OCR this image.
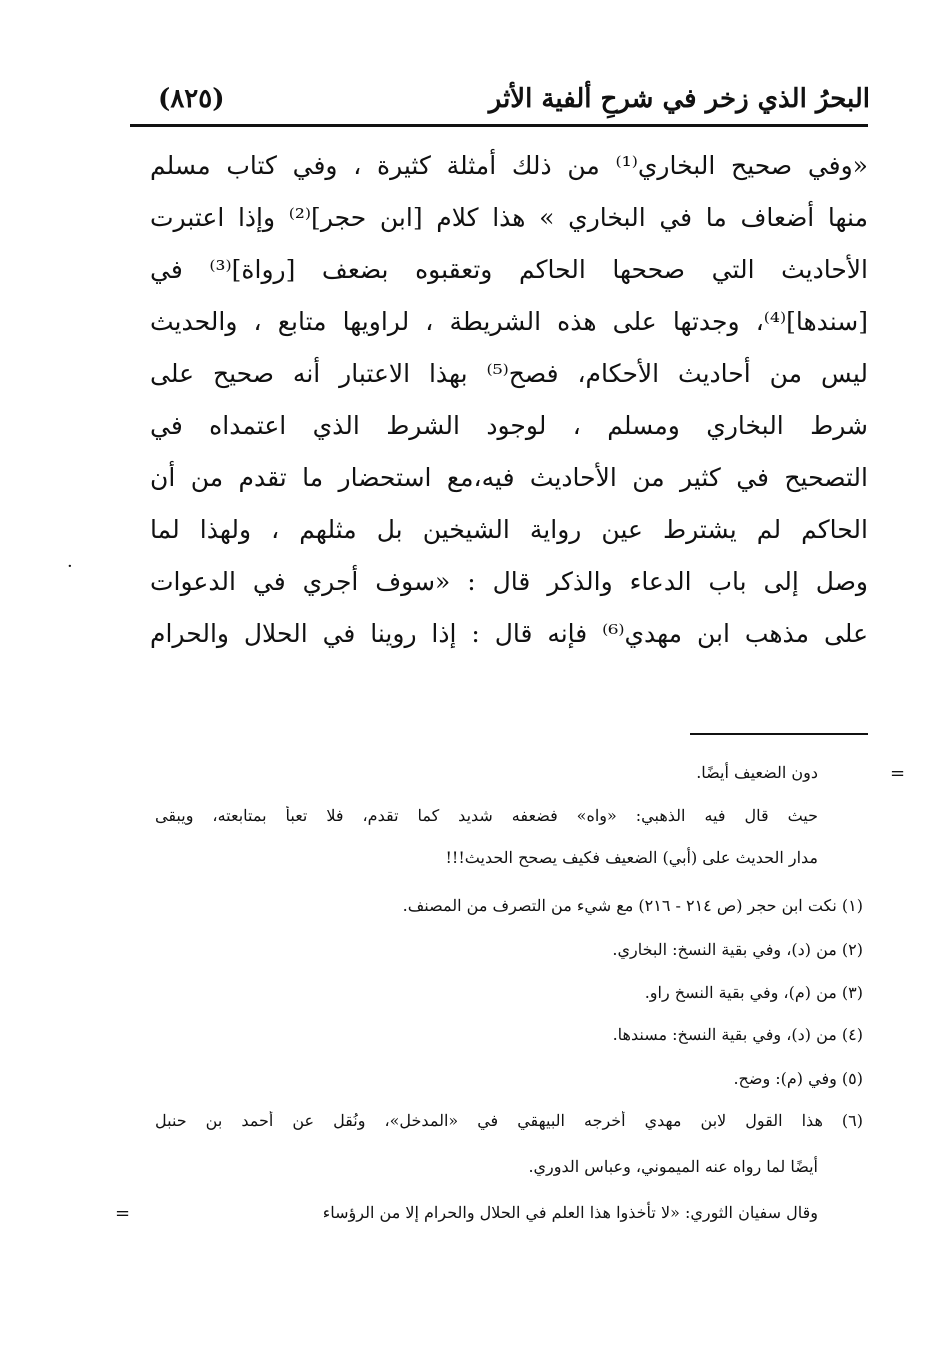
البحرُ الذي زخر في شرحِ ألفية الأثر
(٨٢٥)
«وفي صحيح البخاري⁽¹⁾ من ذلك أمثلة كثيرة ، وفي كتاب مسلم
منها أضعاف ما في البخاري » هذا كلام [ابن حجر]⁽²⁾ وإذا اعتبرت
الأحاديث التي صححها الحاكم وتعقبوه بضعف [رواة]⁽³⁾ في
[سندها]⁽⁴⁾، وجدتها على هذه الشريطة ، لراويها متابع ، والحديث
ليس من أحاديث الأحكام، فصح⁽⁵⁾ بهذا الاعتبار أنه صحيح على
شرط البخاري ومسلم ، لوجود الشرط الذي اعتمداه في
التصحيح في كثير من الأحاديث فيه،مع استحضار ما تقدم من أن
الحاكم لم يشترط عين رواية الشيخين بل مثلهم ، ولهذا لما
وصل إلى باب الدعاء والذكر قال : «سوف أجري في الدعوات
على مذهب ابن مهدي⁽⁶⁾ فإنه قال : إذا روينا في الحلال والحرام
·
=
دون الضعيف أيضًا.
حيث قال فيه الذهبي: «واه» فضعفه شديد كما تقدم، فلا تعبأ بمتابعته، ويبقى
مدار الحديث على (أبي) الضعيف فكيف يصحح الحديث!!!
(١) نكت ابن حجر (ص ٢١٤ - ٢١٦) مع شيء من التصرف من المصنف.
(٢) من (د)، وفي بقية النسخ: البخاري.
(٣) من (م)، وفي بقية النسخ راو.
(٤) من (د)، وفي بقية النسخ: مسندها.
(٥) وفي (م): وضح.
(٦) هذا القول لابن مهدي أخرجه البيهقي في «المدخل»، ونُقل عن أحمد بن حنبل
أيضًا لما رواه عنه الميموني، وعباس الدوري.
وقال سفيان الثوري: «لا تأخذوا هذا العلم في الحلال والحرام إلا من الرؤساء
=
